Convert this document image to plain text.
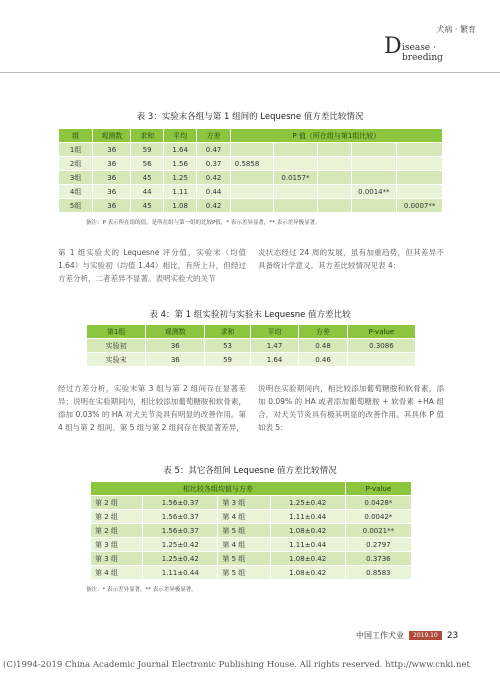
犬病 · 繁育
D isease · breeding
表 3：实验末各组与第 1 组间的 Lequesne 值方差比较情况
组	观测数	求和	平均	方差	P 值（所在组与第1组比较）				
1组	36	59	1.64	0.47					
2组	36	56	1.56	0.37	0.5858				
3组	36	45	1.25	0.42		0.0157*			
4组	36	44	1.11	0.44				0.0014**	
5组	36	45	1.08	0.42					0.0007**
备注：P 表示所在组的值，是所在组与第一组的比较P值，* 表示差异显著，** 表示差异极显著。
第 1 组实验犬的 Lequesne 评分值，实验末（均值 1.64）与实验初（均值 1.44）相比，有所上升，但经过方差分析，二者差异不显著。表明实验犬的关节
炎状态经过 24 周的发展，虽有加重趋势，但其差异不具备统计学意义。其方差比较情况见表 4：
表 4：第 1 组实验初与实验末 Lequesne 值方差比较
第1组	观测数	求和	平均	方差	P-value
实验初	36	53	1.47	0.48	0.3086
实验末	36	59	1.64	0.46	
经过方差分析，实验末第 3 组与第 2 组间存在显著差异；说明在实验期间内，相比较添加葡萄糖胺和软骨素，添加 0.03% 的 HA 对犬关节炎具有明显的改善作用。第 4 组与第 2 组间、第 5 组与第 2 组间存在极显著差异，
说明在实验期间内，相比较添加葡萄糖胺和软骨素，添加 0.09% 的 HA 或者添加葡萄糖胺 + 软骨素 +HA 组合，对犬关节炎具有极其明显的改善作用。其具体 P 值如表 5：
表 5：其它各组间 Lequesne 值方差比较情况
相比较各组均值与方差				P-value
第 2 组	1.56±0.37	第 3 组	1.25±0.42	0.0428*
第 2 组	1.56±0.37	第 4 组	1.11±0.44	0.0042*
第 2 组	1.56±0.37	第 5 组	1.08±0.42	0.0021**
第 3 组	1.25±0.42	第 4 组	1.11±0.44	0.2797
第 3 组	1.25±0.42	第 5 组	1.08±0.42	0.3736
第 4 组	1.11±0.44	第 5 组	1.08±0.42	0.8583
备注：* 表示差异显著，** 表示差异极显著。
中国工作犬业	2019.10	23
(C)1994-2019 China Academic Journal Electronic Publishing House. All rights reserved. http://www.cnki.net
